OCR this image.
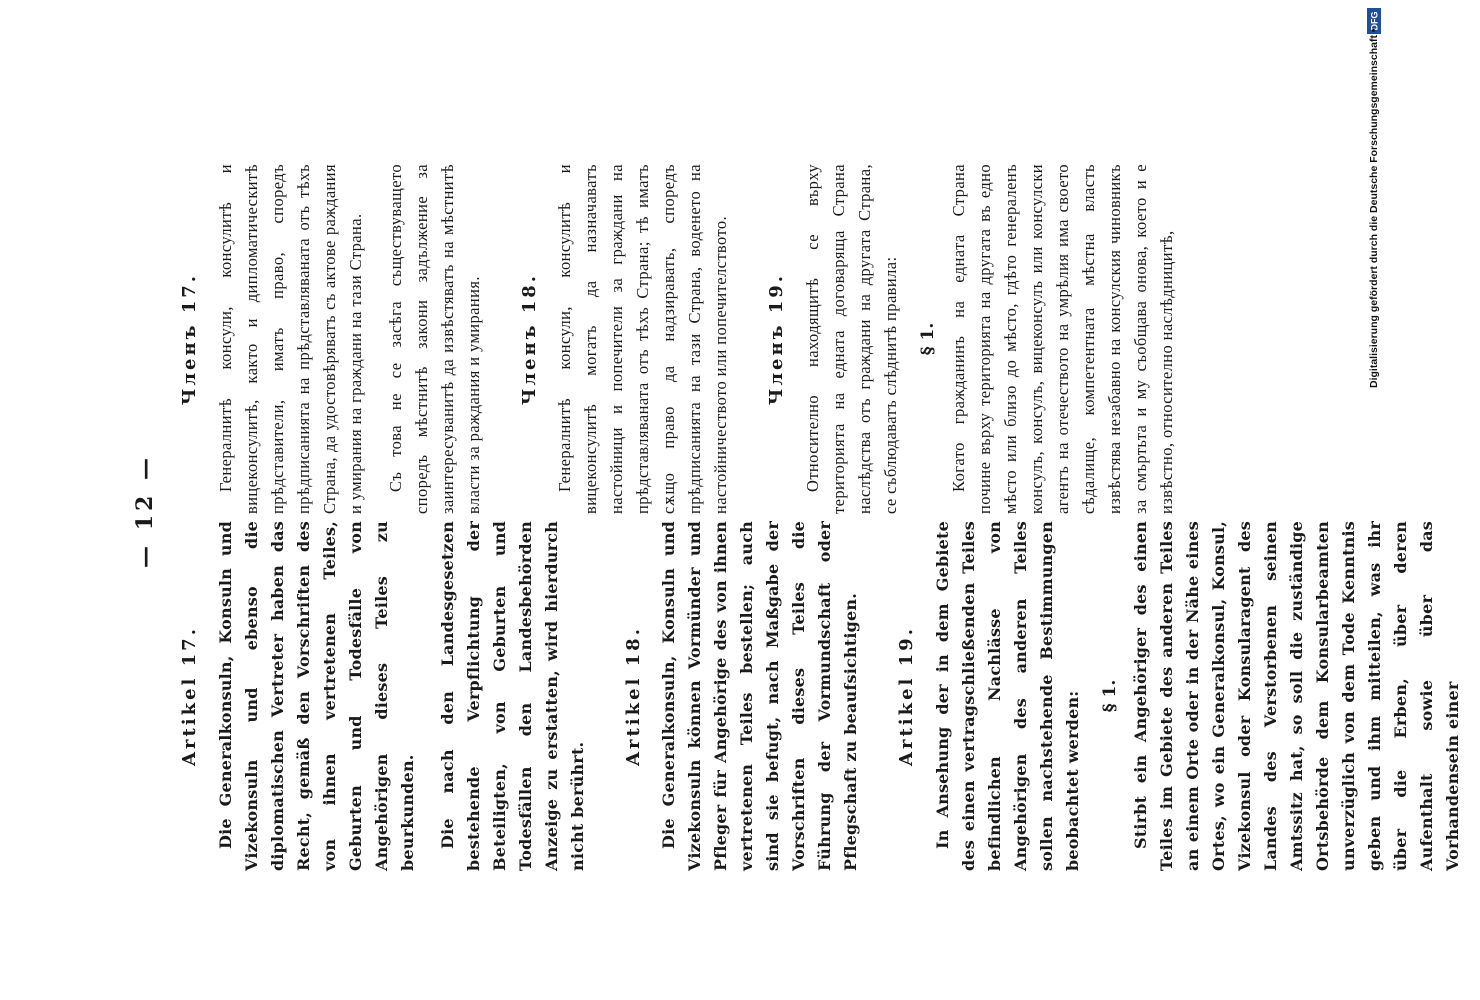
— 12 —
Artikel 17. Die Generalkonsuln, Konsuln und Vizekonsuln und ebenso die diplomatischen Vertreter haben das Recht, gemäß den Vorschriften des von ihnen vertretenen Teiles, Geburten und Todesfälle von Angehörigen dieses Teiles zu beurkunden. Die nach den Landesgesetzen bestehende Verpflichtung der Beteiligten, von Geburten und Todesfällen den Landesbehörden Anzeige zu erstatten, wird hierdurch nicht berührt.

Artikel 18. Die Generalkonsuln, Konsuln und Vizekonsuln können Vormünder und Pfleger für Angehörige des von ihnen vertretenen Teiles bestellen; auch sind sie befugt, nach Maßgabe der Vorschriften dieses Teiles die Führung der Vormundschaft oder Pflegschaft zu beaufsichtigen. Artikel 19. In Ansehung der in dem Gebiete des einen vertragschließenden Teiles befindlichen Nachlässe von Angehörigen des anderen Teiles sollen nachstehende Bestimmungen beobachtet werden: § 1. Stirbt ein Angehöriger des einen Teiles im Gebiete des anderen Teiles an einem Orte oder in der Nähe eines Ortes, wo ein Generalkonsul, Konsul, Vizekonsul oder Konsularagent des Landes des Verstorbenen seinen Amtssitz hat, so soll die zuständige Ortsbehörde dem Konsularbeamten unverzüglich von dem Tode Kenntnis geben und ihm mitteilen, was ihr über die Erben, über deren Aufenthalt sowie über das Vorhandensein einer

Членъ 17. Генералнитѣ консули, консулитѣ и вицеконсулитѣ, както и дипломатическитѣ прѣдставители, иматъ право, споредъ прѣдписанията на прѣдставляваната отъ тѣхъ Страна, да удостовѣряватъ съ актове раждания и умирания на граждани на тази Страна. Съ това не се засѣга съществуващето споредъ мѣстнитѣ закони задължение за заинтересуванитѣ да извѣстяватъ на мѣстнитѣ власти за раждания и умирания. Членъ 18. Генералнитѣ консули, консулитѣ и вицеконсулитѣ могатъ да назначаватъ настойници и попечители за граждани на прѣдставляваната отъ тѣхъ Страна; тѣ иматъ сѫщо право да надзиравать, споредъ прѣдписанията на тази Страна, воденето на настойничеството или попечителството. Членъ 19. Относително находящитѣ се върху територията на едната договаряща Страна наслѣдства отъ граждани на другата Страна, се съблюдаватъ слѣднитѣ правила: § 1. Когато гражданинъ на едната Страна почине върху територията на другата въ едно мѣсто или близо до мѣсто, гдѣто генераленъ консулъ, консулъ, вицеконсулъ или консулски агентъ на отечеството на умрѣлия има своето сѣдалище, компетентната мѣстна власть извѣстява незабавно на консулския чиновникъ за смъртьта и му съобщава онова, което и е извѣстно, относително наслѣдницитѣ,

DFG
Digitalisierung gefördert durch die Deutsche Forschungsgemeinschaft •
